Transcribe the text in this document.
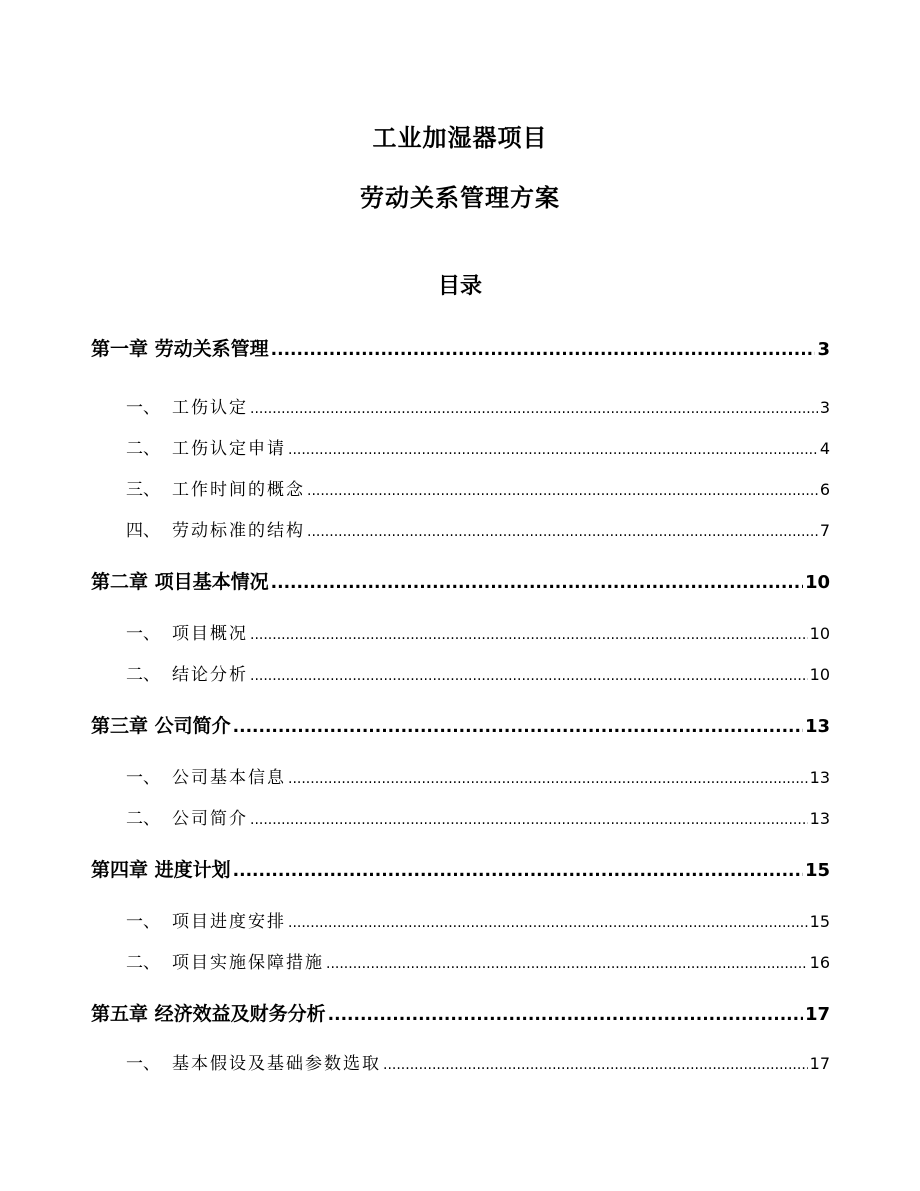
工业加湿器项目
劳动关系管理方案
目录
第一章 劳动关系管理 .....	3
一、 工伤认定 .....	3
二、 工伤认定申请 .....	4
三、 工作时间的概念 .....	6
四、 劳动标准的结构 .....	7
第二章 项目基本情况 .....	10
一、 项目概况 .....	10
二、 结论分析 .....	10
第三章 公司简介 .....	13
一、 公司基本信息 .....	13
二、 公司简介 .....	13
第四章 进度计划 .....	15
一、 项目进度安排 .....	15
二、 项目实施保障措施 .....	16
第五章 经济效益及财务分析 .....	17
一、 基本假设及基础参数选取 .....	17
